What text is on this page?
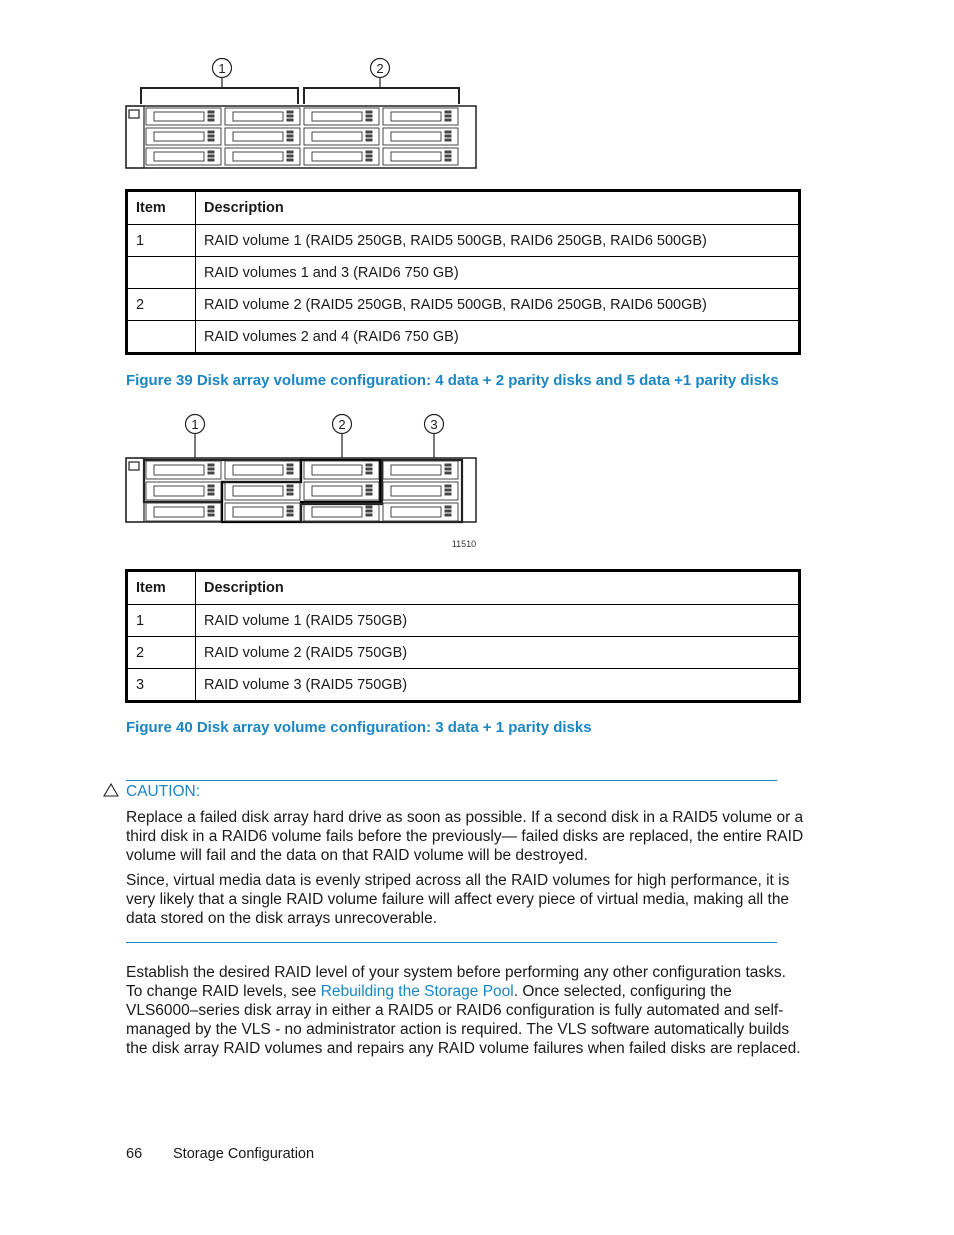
1	2
Item	Description
1	RAID volume 1 (RAID5 250GB, RAID5 500GB, RAID6 250GB, RAID6 500GB)
	RAID volumes 1 and 3 (RAID6 750 GB)
2	RAID volume 2 (RAID5 250GB, RAID5 500GB, RAID6 250GB, RAID6 500GB)
	RAID volumes 2 and 4 (RAID6 750 GB)
Figure 39 Disk array volume configuration: 4 data + 2 parity disks and 5 data +1 parity disks
1	2	3
11510
Item	Description
1	RAID volume 1 (RAID5 750GB)
2	RAID volume 2 (RAID5 750GB)
3	RAID volume 3 (RAID5 750GB)
Figure 40 Disk array volume configuration: 3 data + 1 parity disks
CAUTION:
Replace a failed disk array hard drive as soon as possible. If a second disk in a RAID5 volume or a third disk in a RAID6 volume fails before the previously— failed disks are replaced, the entire RAID volume will fail and the data on that RAID volume will be destroyed.
Since, virtual media data is evenly striped across all the RAID volumes for high performance, it is very likely that a single RAID volume failure will affect every piece of virtual media, making all the data stored on the disk arrays unrecoverable.
Establish the desired RAID level of your system before performing any other configuration tasks. To change RAID levels, see Rebuilding the Storage Pool. Once selected, configuring the VLS6000–series disk array in either a RAID5 or RAID6 configuration is fully automated and self-managed by the VLS - no administrator action is required. The VLS software automatically builds the disk array RAID volumes and repairs any RAID volume failures when failed disks are replaced.
66 Storage Configuration
